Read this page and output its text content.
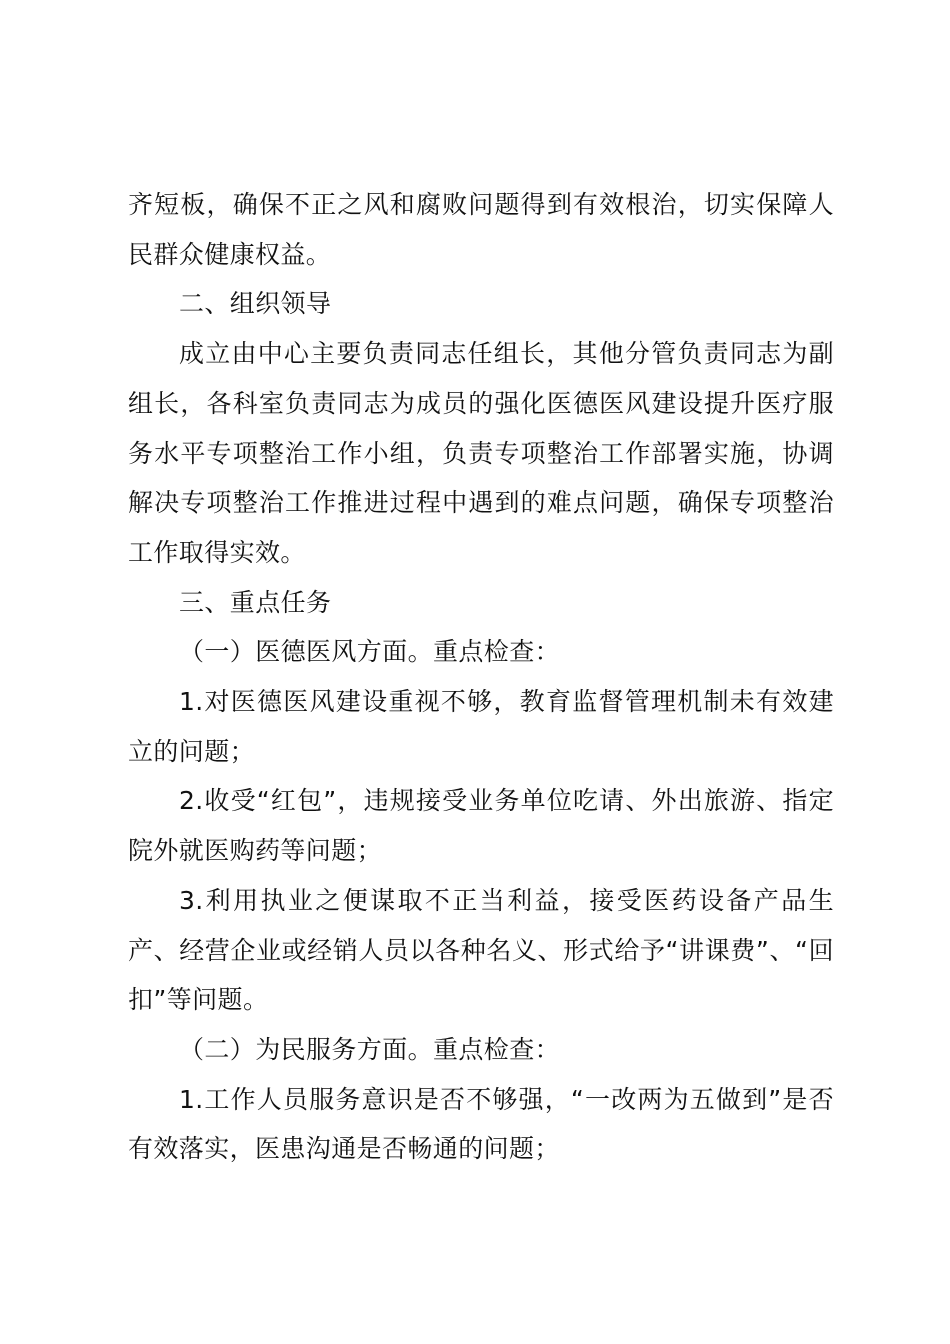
齐短板，确保不正之风和腐败问题得到有效根治，切实保障人民群众健康权益。

二、组织领导

成立由中心主要负责同志任组长，其他分管负责同志为副组长，各科室负责同志为成员的强化医德医风建设提升医疗服务水平专项整治工作小组，负责专项整治工作部署实施，协调解决专项整治工作推进过程中遇到的难点问题，确保专项整治工作取得实效。

三、重点任务

（一）医德医风方面。重点检查：

1.对医德医风建设重视不够，教育监督管理机制未有效建立的问题；

2.收受“红包”，违规接受业务单位吃请、外出旅游、指定院外就医购药等问题；

3.利用执业之便谋取不正当利益，接受医药设备产品生产、经营企业或经销人员以各种名义、形式给予“讲课费”、“回扣”等问题。

（二）为民服务方面。重点检查：

1.工作人员服务意识是否不够强，“一改两为五做到”是否有效落实，医患沟通是否畅通的问题；
